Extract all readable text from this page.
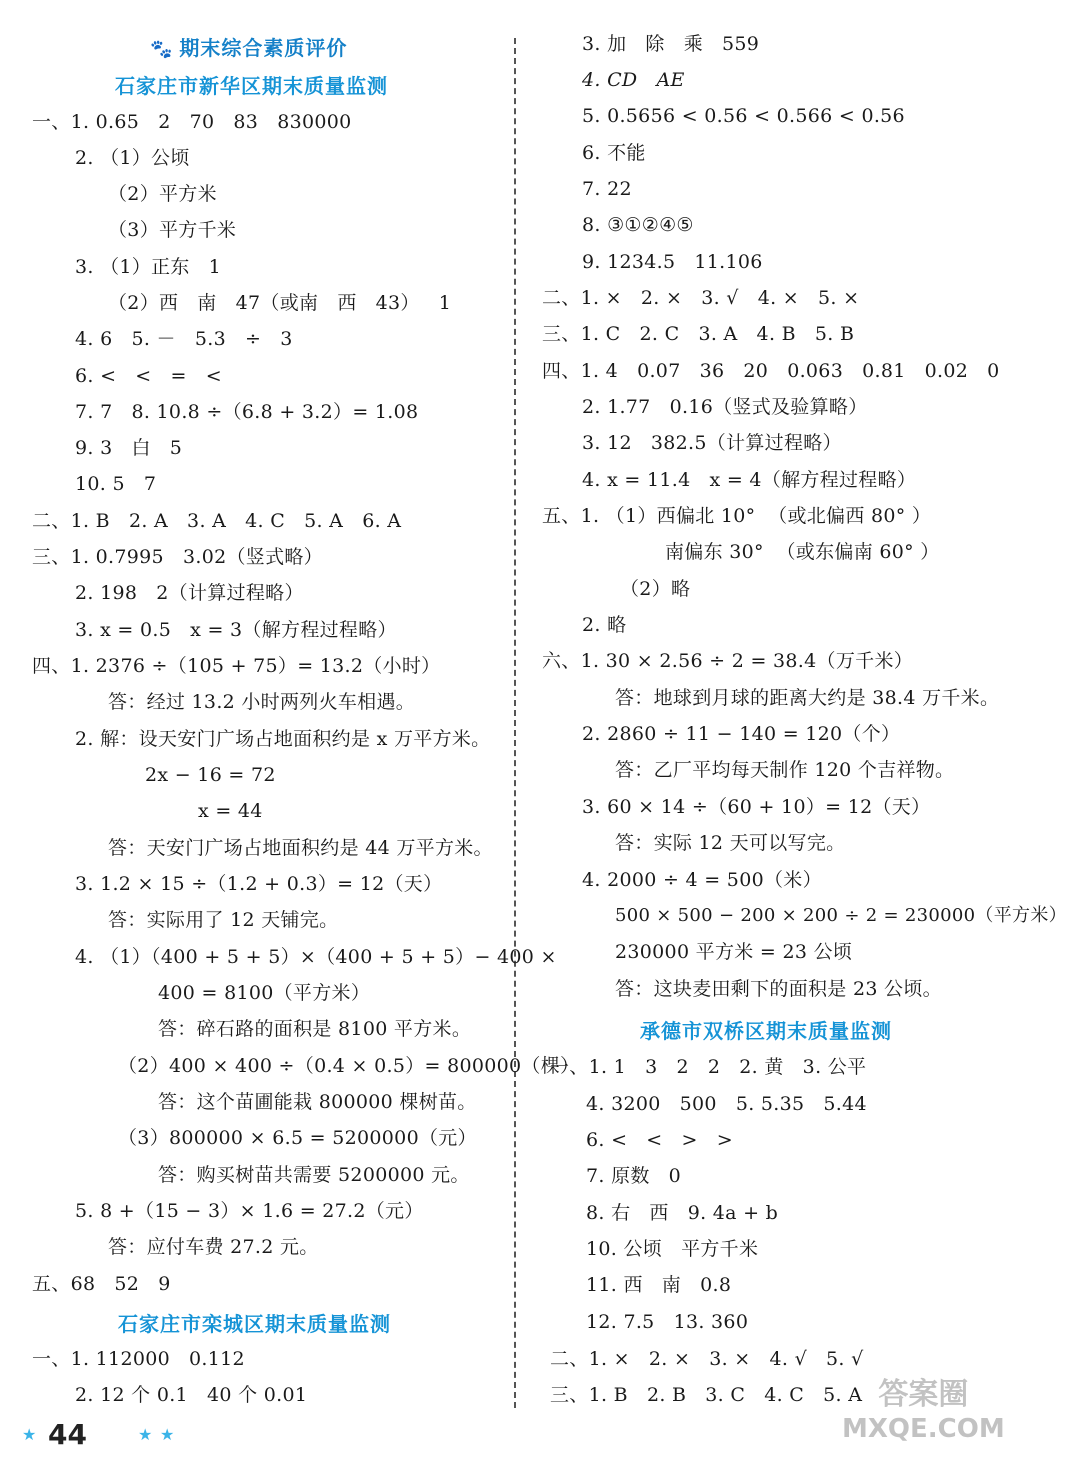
🐾 期末综合素质评价
石家庄市新华区期末质量监测
一、1. 0.65   2   70   83   830000
2. （1）公顷
（2）平方米
（3）平方千米
3. （1）正东   1
（2）西   南   47（或南   西   43）   1
4. 6   5. －   5.3   ÷   3
6. <   <   =   <
7. 7   8. 10.8 ÷（6.8 + 3.2）= 1.08
9. 3   白   5
10. 5   7
二、1. B   2. A   3. A   4. C   5. A   6. A
三、1. 0.7995   3.02（竖式略）
2. 198   2（计算过程略）
3. x = 0.5   x = 3（解方程过程略）
四、1. 2376 ÷（105 + 75）= 13.2（小时）
答：经过 13.2 小时两列火车相遇。
2. 解：设天安门广场占地面积约是 x 万平方米。
2x − 16 = 72
x = 44
答：天安门广场占地面积约是 44 万平方米。
3. 1.2 × 15 ÷（1.2 + 0.3）= 12（天）
答：实际用了 12 天铺完。
4. （1）（400 + 5 + 5）×（400 + 5 + 5）− 400 ×
400 = 8100（平方米）
答：碎石路的面积是 8100 平方米。
（2）400 × 400 ÷（0.4 × 0.5）= 800000（棵）
答：这个苗圃能栽 800000 棵树苗。
（3）800000 × 6.5 = 5200000（元）
答：购买树苗共需要 5200000 元。
5. 8 +（15 − 3）× 1.6 = 27.2（元）
答：应付车费 27.2 元。
五、68   52   9
石家庄市栾城区期末质量监测
一、1. 112000   0.112
2. 12 个 0.1   40 个 0.01
3. 加   除   乘   559
4. CD   AE
5. 0.5656 < 0.56 < 0.566 < 0.56
6. 不能
7. 22
8. ③①②④⑤
9. 1234.5   11.106
二、1. ×   2. ×   3. √   4. ×   5. ×
三、1. C   2. C   3. A   4. B   5. B
四、1. 4   0.07   36   20   0.063   0.81   0.02   0
2. 1.77   0.16（竖式及验算略）
3. 12   382.5（计算过程略）
4. x = 11.4   x = 4（解方程过程略）
五、1. （1）西偏北 10°  （或北偏西 80° ）
南偏东 30°  （或东偏南 60° ）
（2）略
2. 略
六、1. 30 × 2.56 ÷ 2 = 38.4（万千米）
答：地球到月球的距离大约是 38.4 万千米。
2. 2860 ÷ 11 − 140 = 120（个）
答：乙厂平均每天制作 120 个吉祥物。
3. 60 × 14 ÷（60 + 10）= 12（天）
答：实际 12 天可以写完。
4. 2000 ÷ 4 = 500（米）
500 × 500 − 200 × 200 ÷ 2 = 230000（平方米）
230000 平方米 = 23 公顷
答：这块麦田剩下的面积是 23 公顷。
承德市双桥区期末质量监测
一、1. 1   3   2   2   2. 黄   3. 公平
4. 3200   500   5. 5.35   5.44
6. <   <   >   >
7. 原数   0
8. 右   西   9. 4a + b
10. 公顷   平方千米
11. 西   南   0.8
12. 7.5   13. 360
二、1. ×   2. ×   3. ×   4. √   5. √
三、1. B   2. B   3. C   4. C   5. A
★ 44	★ ★
答案圈
MXQE.COM
